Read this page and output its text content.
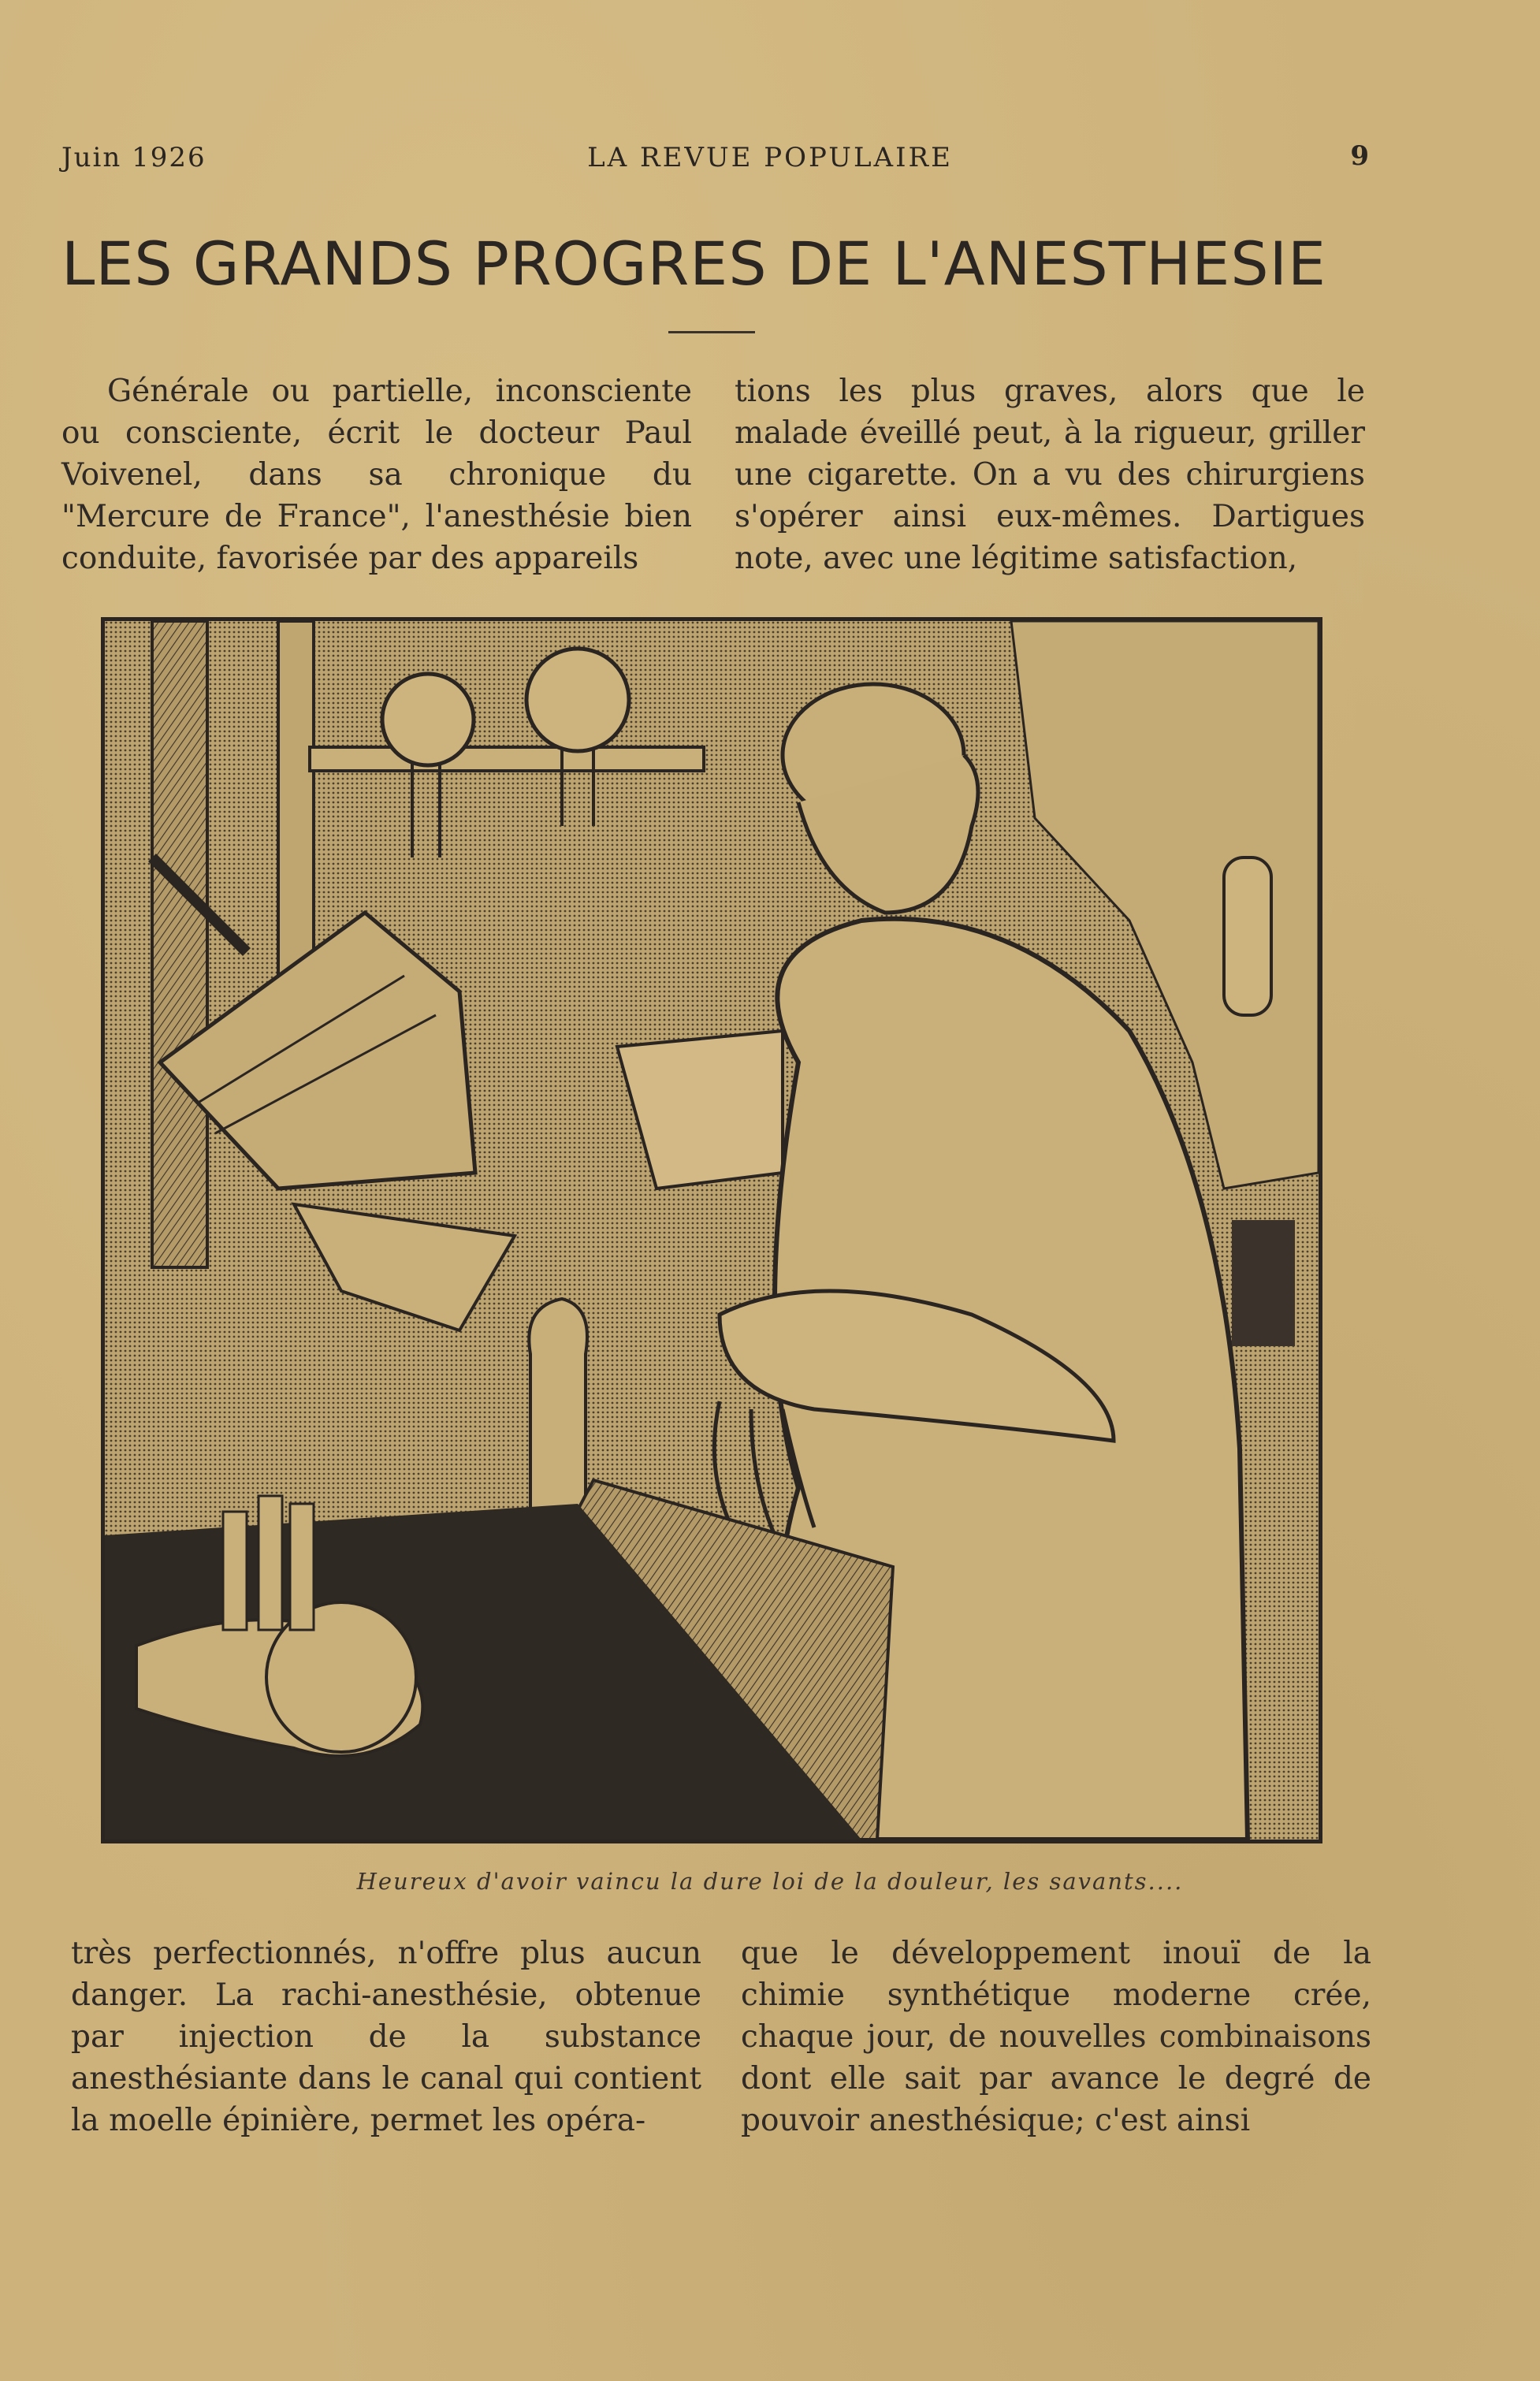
Juin 1926	LA REVUE POPULAIRE	9
LES GRANDS PROGRES DE L'ANESTHESIE

Générale ou partielle, inconsciente ou consciente, écrit le docteur Paul Voivenel, dans sa chronique du "Mercure de France", l'anesthésie bien conduite, favorisée par des appareils

tions les plus graves, alors que le malade éveillé peut, à la rigueur, griller une cigarette. On a vu des chirurgiens s'opérer ainsi eux-mêmes. Dartigues note, avec une légitime satisfaction,

Heureux d'avoir vaincu la dure loi de la douleur, les savants....

très perfectionnés, n'offre plus aucun danger. La rachi-anesthésie, obtenue par injection de la substance anesthésiante dans le canal qui contient la moelle épinière, permet les opéra-

que le développement inouï de la chimie synthétique moderne crée, chaque jour, de nouvelles combinaisons dont elle sait par avance le degré de pouvoir anesthésique; c'est ainsi
